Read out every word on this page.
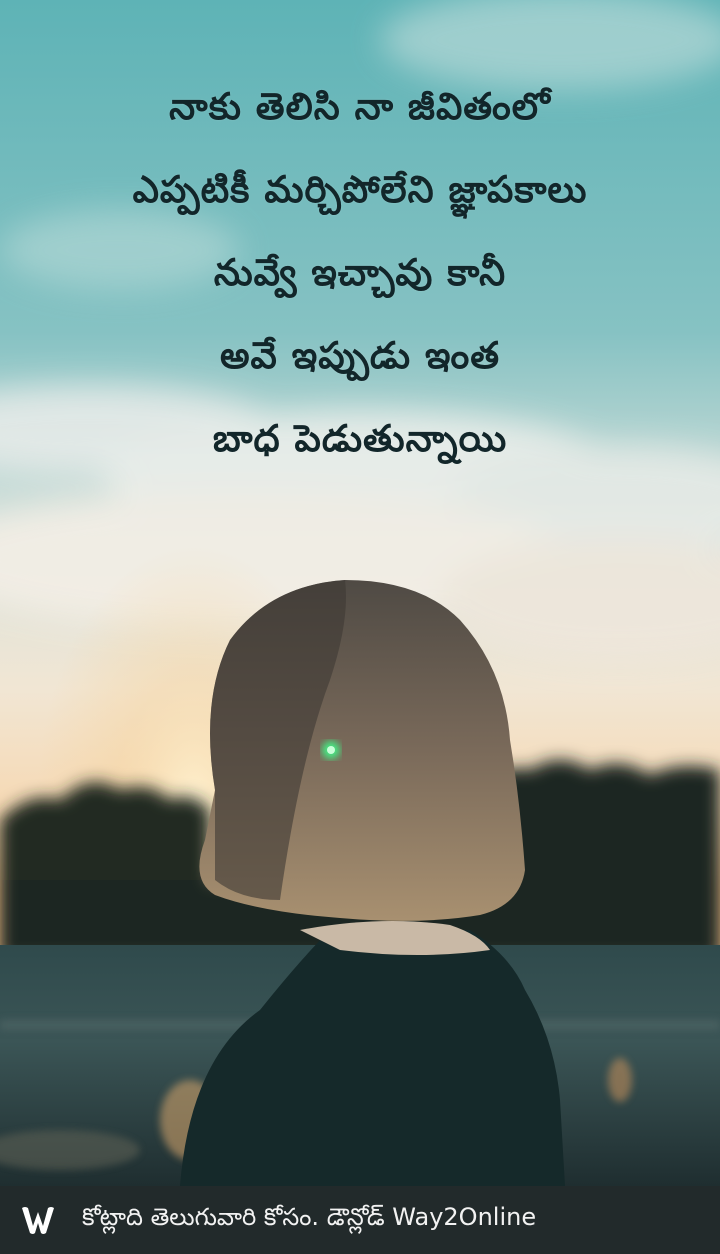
నాకు తెలిసి నా జీవితంలో
ఎప్పటికీ మర్చిపోలేని జ్ఞాపకాలు
నువ్వే ఇచ్చావు కానీ
అవే ఇప్పుడు ఇంత
బాధ పెడుతున్నాయి
కోట్లాది తెలుగువారి కోసం. డౌన్లోడ్ Way2Online
